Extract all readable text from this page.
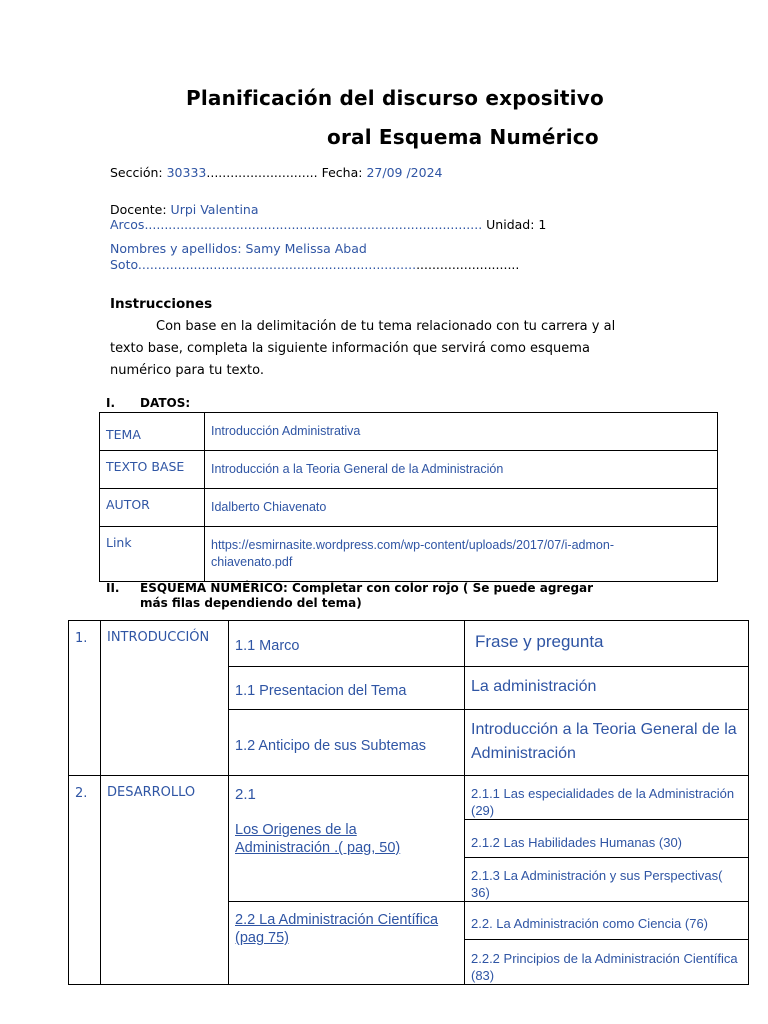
Planificación del discurso expositivo
oral Esquema Numérico
Sección: 30333............................ Fecha: 27/09 /2024
Docente: Urpi Valentina
Arcos..................................................................................... Unidad: 1
Nombres y apellidos: Samy Melissa Abad
Soto................................................................................................
Instrucciones
Con base en la delimitación de tu tema relacionado con tu carrera y al
texto base, completa la siguiente información que servirá como esquema
numérico para tu texto.
I. DATOS:
TEMA	Introducción Administrativa

TEXTO BASE	Introducción a la Teoria General de la Administración

AUTOR	Idalberto Chiavenato

Link	https://esmirnasite.wordpress.com/wp-content/uploads/2017/07/i-admon-
chiavenato.pdf
II. ESQUEMA NUMÉRICO: Completar con color rojo ( Se puede agregar
más filas dependiendo del tema)
1.	INTRODUCCIÓN	1.1 Marco	Frase y pregunta

		1.1 Presentacion del Tema	La administración

		1.2 Anticipo de sus Subtemas	Introducción a la Teoria General de la Administración

2.	DESARROLLO	2.1
Los Origenes de la Administración .( pag, 50)	2.1.1 Las especialidades de la Administración (29)

			2.1.2 Las Habilidades Humanas (30)

			2.1.3 La Administración y sus Perspectivas( 36)

		2.2 La Administración Científica (pag 75)	2.2. La Administración como Ciencia (76)

			2.2.2 Principios de la Administración Científica (83)
